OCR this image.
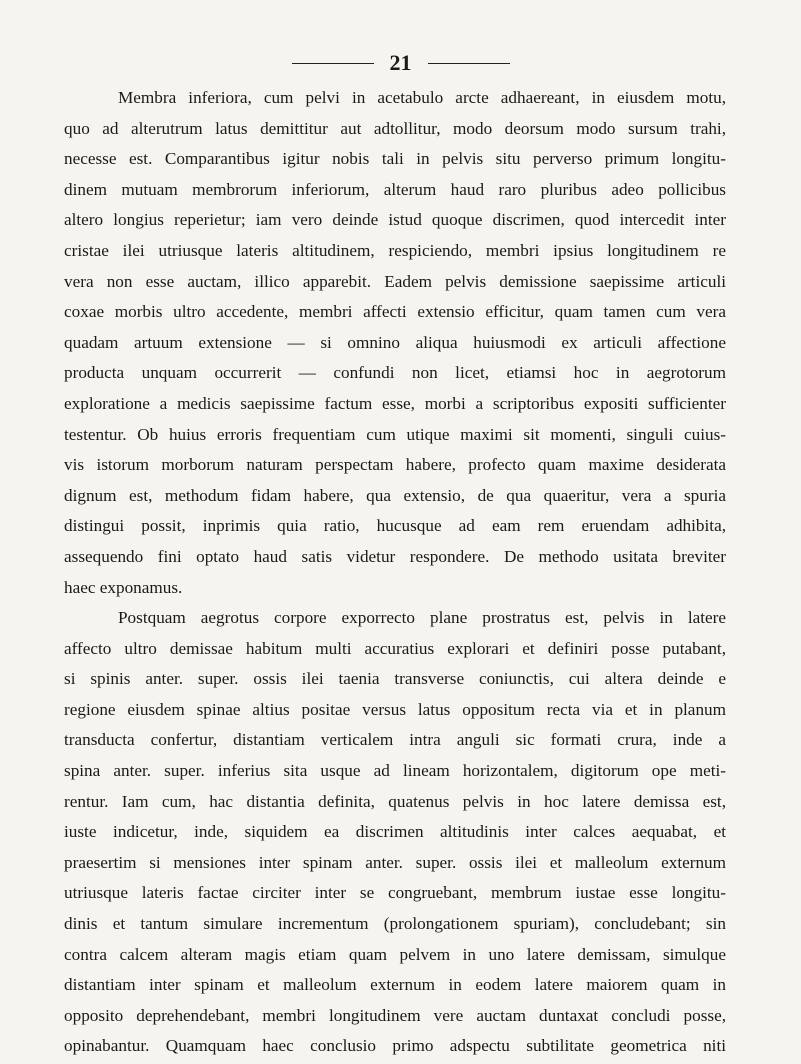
21
Membra inferiora, cum pelvi in acetabulo arcte adhaereant, in eiusdem motu,
quo ad alterutrum latus demittitur aut adtollitur, modo deorsum modo sursum trahi,
necesse est. Comparantibus igitur nobis tali in pelvis situ perverso primum longitu-
dinem mutuam membrorum inferiorum, alterum haud raro pluribus adeo pollicibus
altero longius reperietur; iam vero deinde istud quoque discrimen, quod intercedit inter
cristae ilei utriusque lateris altitudinem, respiciendo, membri ipsius longitudinem re
vera non esse auctam, illico apparebit. Eadem pelvis demissione saepissime articuli
coxae morbis ultro accedente, membri affecti extensio efficitur, quam tamen cum vera
quadam artuum extensione — si omnino aliqua huiusmodi ex articuli affectione
producta unquam occurrerit — confundi non licet, etiamsi hoc in aegrotorum
exploratione a medicis saepissime factum esse, morbi a scriptoribus expositi sufficienter
testentur. Ob huius erroris frequentiam cum utique maximi sit momenti, singuli cuius-
vis istorum morborum naturam perspectam habere, profecto quam maxime desiderata
dignum est, methodum fidam habere, qua extensio, de qua quaeritur, vera a spuria
distingui possit, inprimis quia ratio, hucusque ad eam rem eruendam adhibita,
assequendo fini optato haud satis videtur respondere. De methodo usitata breviter
haec exponamus.
Postquam aegrotus corpore exporrecto plane prostratus est, pelvis in latere
affecto ultro demissae habitum multi accuratius explorari et definiri posse putabant,
si spinis anter. super. ossis ilei taenia transverse coniunctis, cui altera deinde e
regione eiusdem spinae altius positae versus latus oppositum recta via et in planum
transducta confertur, distantiam verticalem intra anguli sic formati crura, inde a
spina anter. super. inferius sita usque ad lineam horizontalem, digitorum ope meti-
rentur. Iam cum, hac distantia definita, quatenus pelvis in hoc latere demissa est,
iuste indicetur, inde, siquidem ea discrimen altitudinis inter calces aequabat, et
praesertim si mensiones inter spinam anter. super. ossis ilei et malleolum externum
utriusque lateris factae circiter inter se congruebant, membrum iustae esse longitu-
dinis et tantum simulare incrementum (prolongationem spuriam), concludebant; sin
contra calcem alteram magis etiam quam pelvem in uno latere demissam, simulque
distantiam inter spinam et malleolum externum in eodem latere maiorem quam in
opposito deprehendebant, membri longitudinem vere auctam duntaxat concludi posse,
opinabantur. Quamquam haec conclusio primo adspectu subtilitate geometrica niti
